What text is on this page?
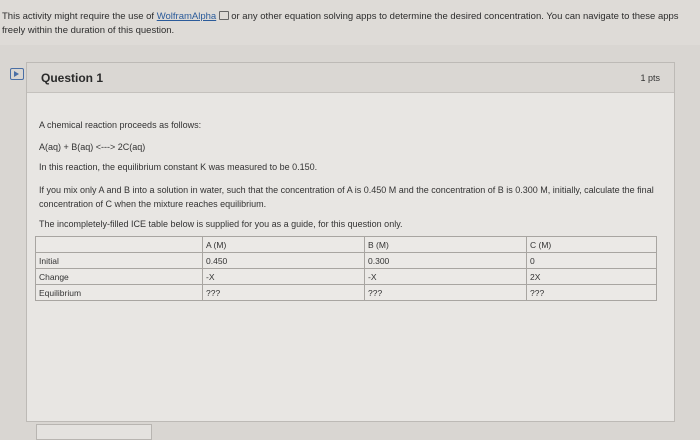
This activity might require the use of WolframAlpha or any other equation solving apps to determine the desired concentration. You can navigate to these apps freely within the duration of this question.
Question 1	1 pts

A chemical reaction proceeds as follows:

A(aq) + B(aq) <---> 2C(aq)

In this reaction, the equilibrium constant K was measured to be 0.150.

If you mix only A and B into a solution in water, such that the concentration of A is 0.450 M and the concentration of B is 0.300 M, initially, calculate the final concentration of C when the mixture reaches equilibrium.

The incompletely-filled ICE table below is supplied for you as a guide, for this question only.

	A (M)	B (M)	C (M)
Initial	0.450	0.300	0
Change	-X	-X	2X
Equilibrium	???	???	???
